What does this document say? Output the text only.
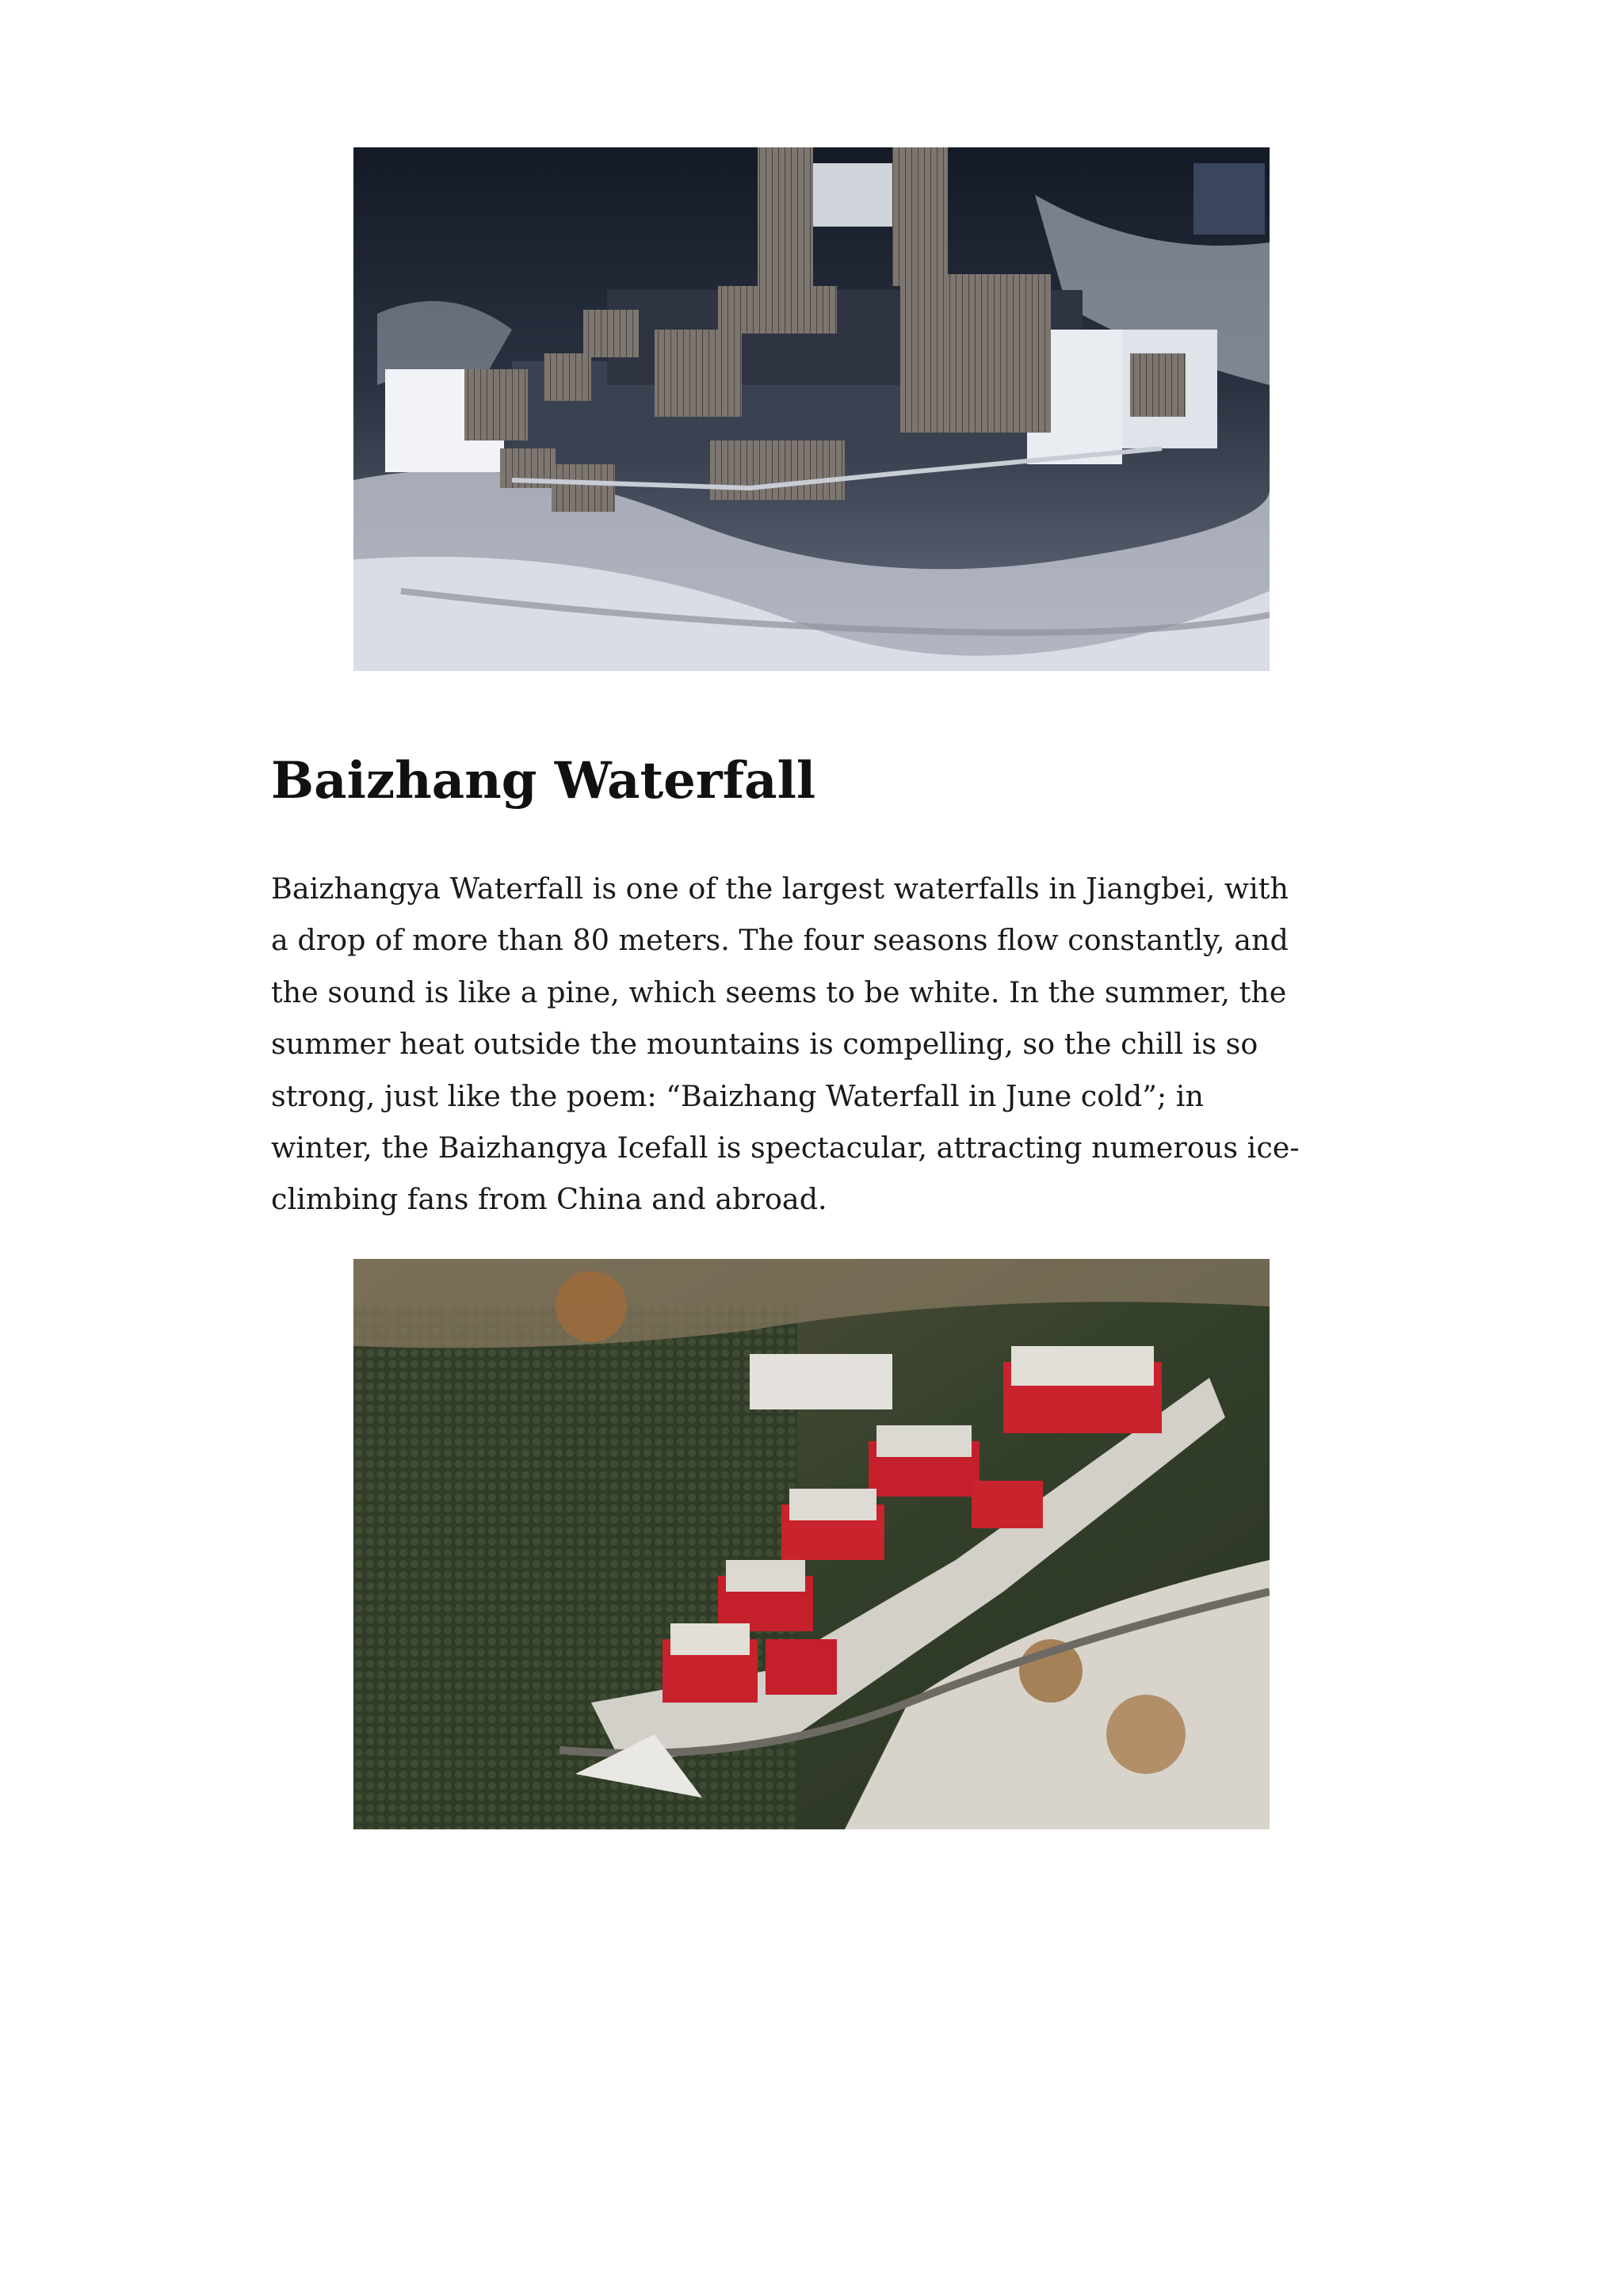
Baizhang Waterfall

Baizhangya Waterfall is one of the largest waterfalls in Jiangbei, with
a drop of more than 80 meters. The four seasons flow constantly, and
the sound is like a pine, which seems to be white. In the summer, the
summer heat outside the mountains is compelling, so the chill is so
strong, just like the poem: “Baizhang Waterfall in June cold”; in
winter, the Baizhangya Icefall is spectacular, attracting numerous ice-
climbing fans from China and abroad.
